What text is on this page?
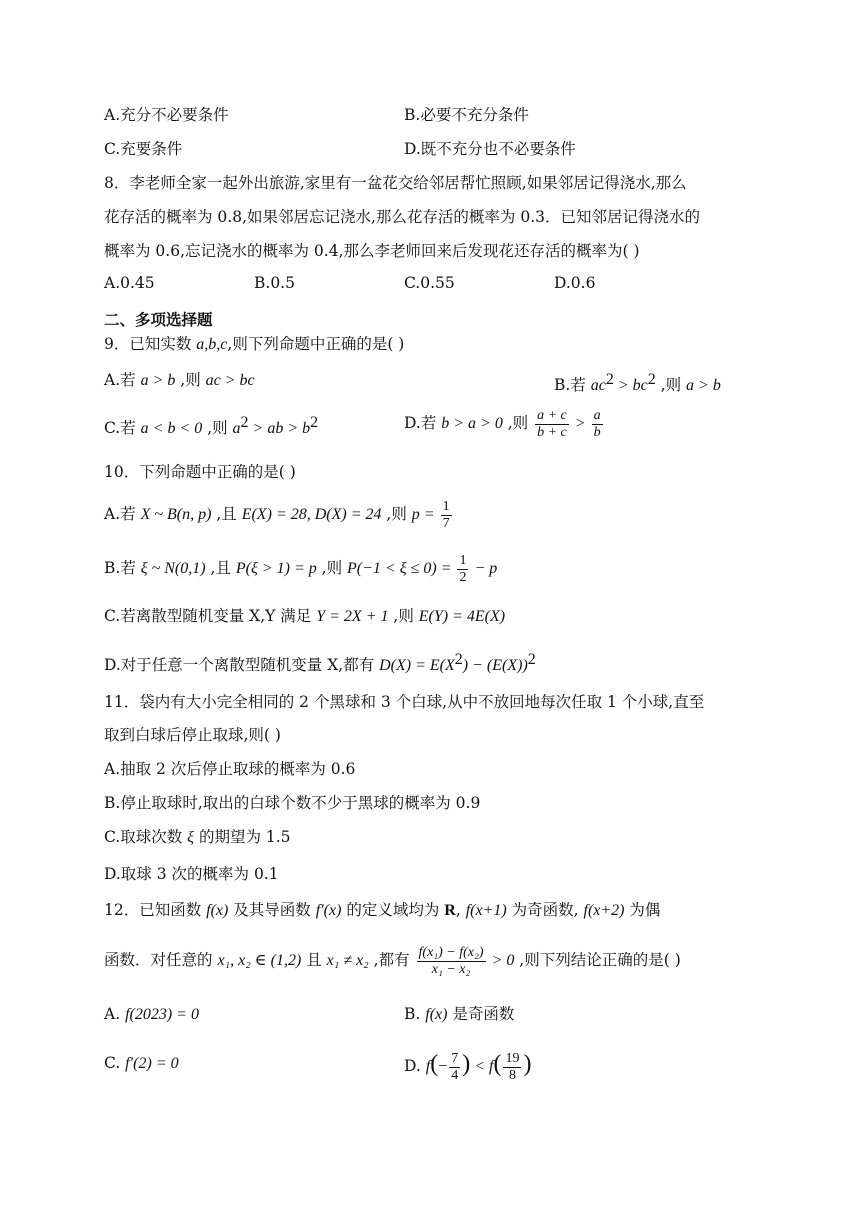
A.充分不必要条件	B.必要不充分条件
C.充要条件	D.既不充分也不必要条件
8．李老师全家一起外出旅游,家里有一盆花交给邻居帮忙照顾,如果邻居记得浇水,那么
花存活的概率为 0.8,如果邻居忘记浇水,那么花存活的概率为 0.3．已知邻居记得浇水的
概率为 0.6,忘记浇水的概率为 0.4,那么李老师回来后发现花还存活的概率为( )
A.0.45	B.0.5	C.0.55	D.0.6
二、多项选择题
9．已知实数 a,b,c,则下列命题中正确的是( )
A.若 a > b ,则 ac > bc	B.若 $ac^2 > bc^2$ ,则 a > b
C.若 a < b < 0 ,则 $a^2$ > ab > $b^2$	D.若 b > a > 0 ,则 $\frac{a + c}{b + c} > \frac{a}{b}$
10．下列命题中正确的是( )
A.若 X ~ B(n, p) ,且 E(X) = 28, D(X) = 24 ,则 $p = \frac{1}{7}$
B.若 ξ ~ N(0,1) ,且 P(ξ > 1) = p ,则 $P(-1 < \xi \le 0) = \frac{1}{2} - p$
C.若离散型随机变量 X,Y 满足 Y = 2X + 1 ,则 E(Y) = 4E(X)
D.对于任意一个离散型随机变量 X,都有 $D(X) = E(X^2) - (E(X))^2$
11．袋内有大小完全相同的 2 个黑球和 3 个白球,从中不放回地每次任取 1 个小球,直至
取到白球后停止取球,则( )
A.抽取 2 次后停止取球的概率为 0.6
B.停止取球时,取出的白球个数不少于黑球的概率为 0.9
C.取球次数 ξ 的期望为 1.5
D.取球 3 次的概率为 0.1
12．已知函数 f(x) 及其导函数 f′(x) 的定义域均为 R, f(x+1) 为奇函数, f(x+2) 为偶
函数．对任意的 x₁, x₂ ∈ (1,2) 且 x₁ ≠ x₂ ,都有 $\frac{\text{f(x₁) − f(x₂)}}{\text{x₁ − x₂}} > 0$ ,则下列结论正确的是( )
A. f(2023) = 0	B. f(x) 是奇函数
C. f′(2) = 0	D. $f(- \frac{7}{4}$ ) < $f( \frac{19}{8}$ )
